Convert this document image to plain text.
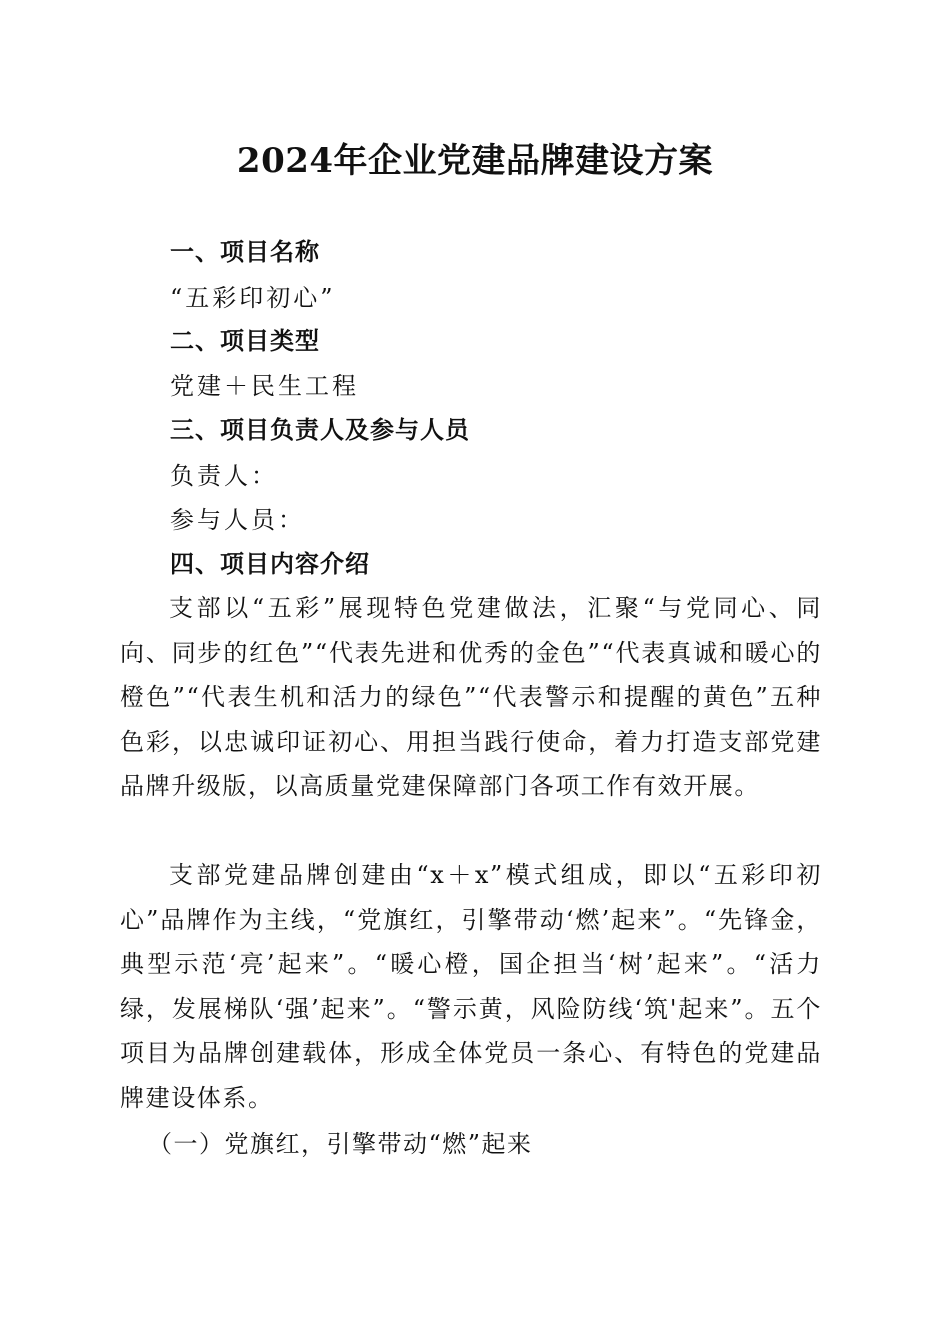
2024年企业党建品牌建设方案
一、项目名称
“五彩印初心”
二、项目类型
党建＋民生工程
三、项目负责人及参与人员
负责人：
参与人员：
四、项目内容介绍

支部以“五彩”展现特色党建做法，汇聚“与党同心、同向、同步的红色”“代表先进和优秀的金色”“代表真诚和暖心的橙色”“代表生机和活力的绿色”“代表警示和提醒的黄色”五种色彩，以忠诚印证初心、用担当践行使命，着力打造支部党建品牌升级版，以高质量党建保障部门各项工作有效开展。

支部党建品牌创建由“x＋x”模式组成，即以“五彩印初心”品牌作为主线，“党旗红，引擎带动‘燃’起来”。“先锋金，典型示范‘亮’起来”。“暖心橙，国企担当‘树’起来”。“活力绿，发展梯队‘强’起来”。“警示黄，风险防线‘筑'起来”。五个项目为品牌创建载体，形成全体党员一条心、有特色的党建品牌建设体系。

（一）党旗红，引擎带动“燃”起来
